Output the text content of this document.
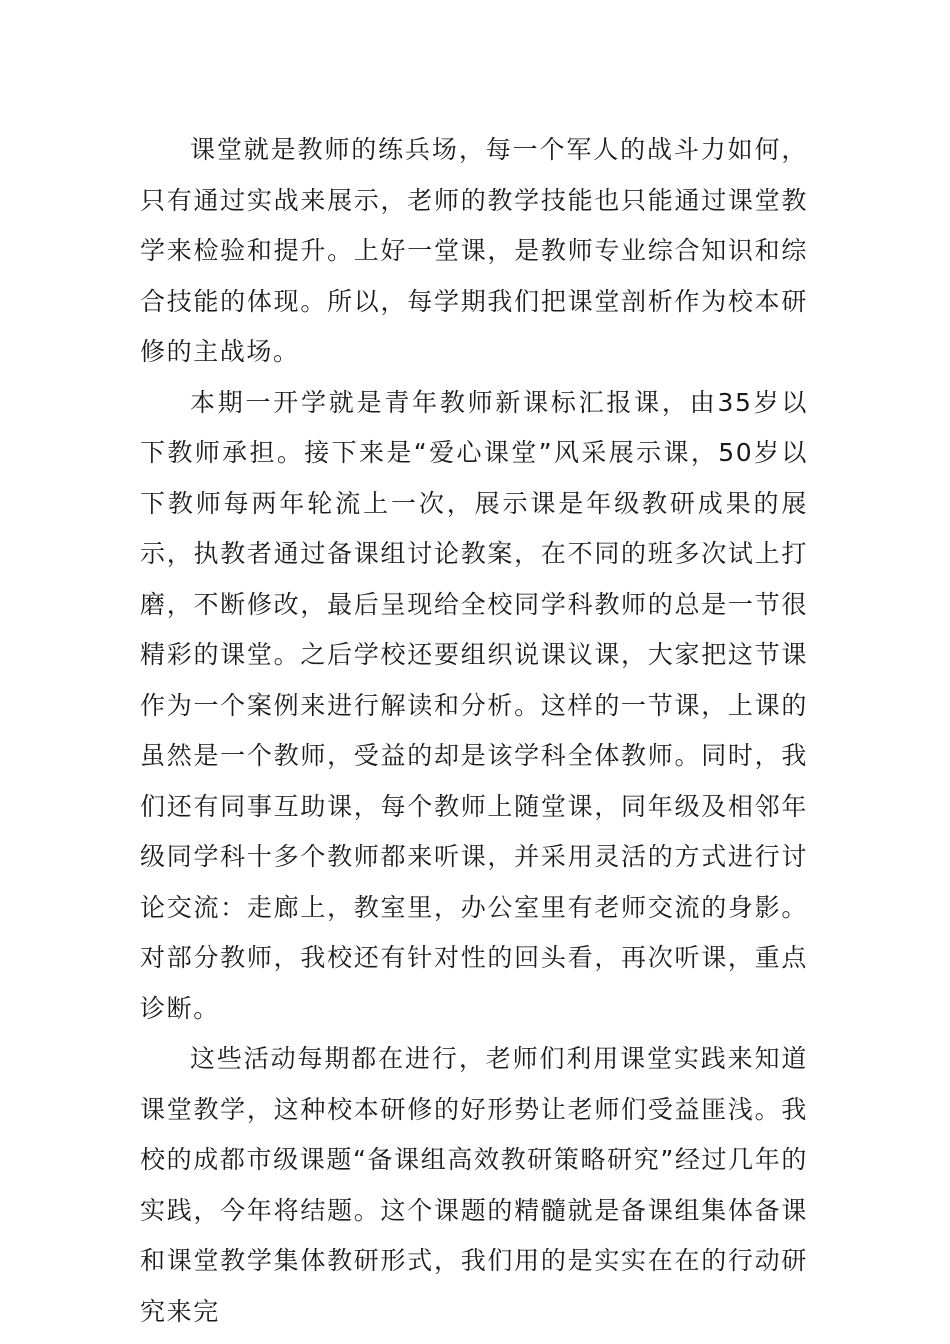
课堂就是教师的练兵场，每一个军人的战斗力如何，只有通过实战来展示，老师的教学技能也只能通过课堂教学来检验和提升。上好一堂课，是教师专业综合知识和综合技能的体现。所以，每学期我们把课堂剖析作为校本研修的主战场。

本期一开学就是青年教师新课标汇报课，由35岁以下教师承担。接下来是“爱心课堂”风采展示课，50岁以下教师每两年轮流上一次，展示课是年级教研成果的展示，执教者通过备课组讨论教案，在不同的班多次试上打磨，不断修改，最后呈现给全校同学科教师的总是一节很精彩的课堂。之后学校还要组织说课议课，大家把这节课作为一个案例来进行解读和分析。这样的一节课，上课的虽然是一个教师，受益的却是该学科全体教师。同时，我们还有同事互助课，每个教师上随堂课，同年级及相邻年级同学科十多个教师都来听课，并采用灵活的方式进行讨论交流：走廊上，教室里，办公室里有老师交流的身影。对部分教师，我校还有针对性的回头看，再次听课，重点诊断。

这些活动每期都在进行，老师们利用课堂实践来知道课堂教学，这种校本研修的好形势让老师们受益匪浅。我校的成都市级课题“备课组高效教研策略研究”经过几年的实践，今年将结题。这个课题的精髓就是备课组集体备课和课堂教学集体教研形式，我们用的是实实在在的行动研究来完
